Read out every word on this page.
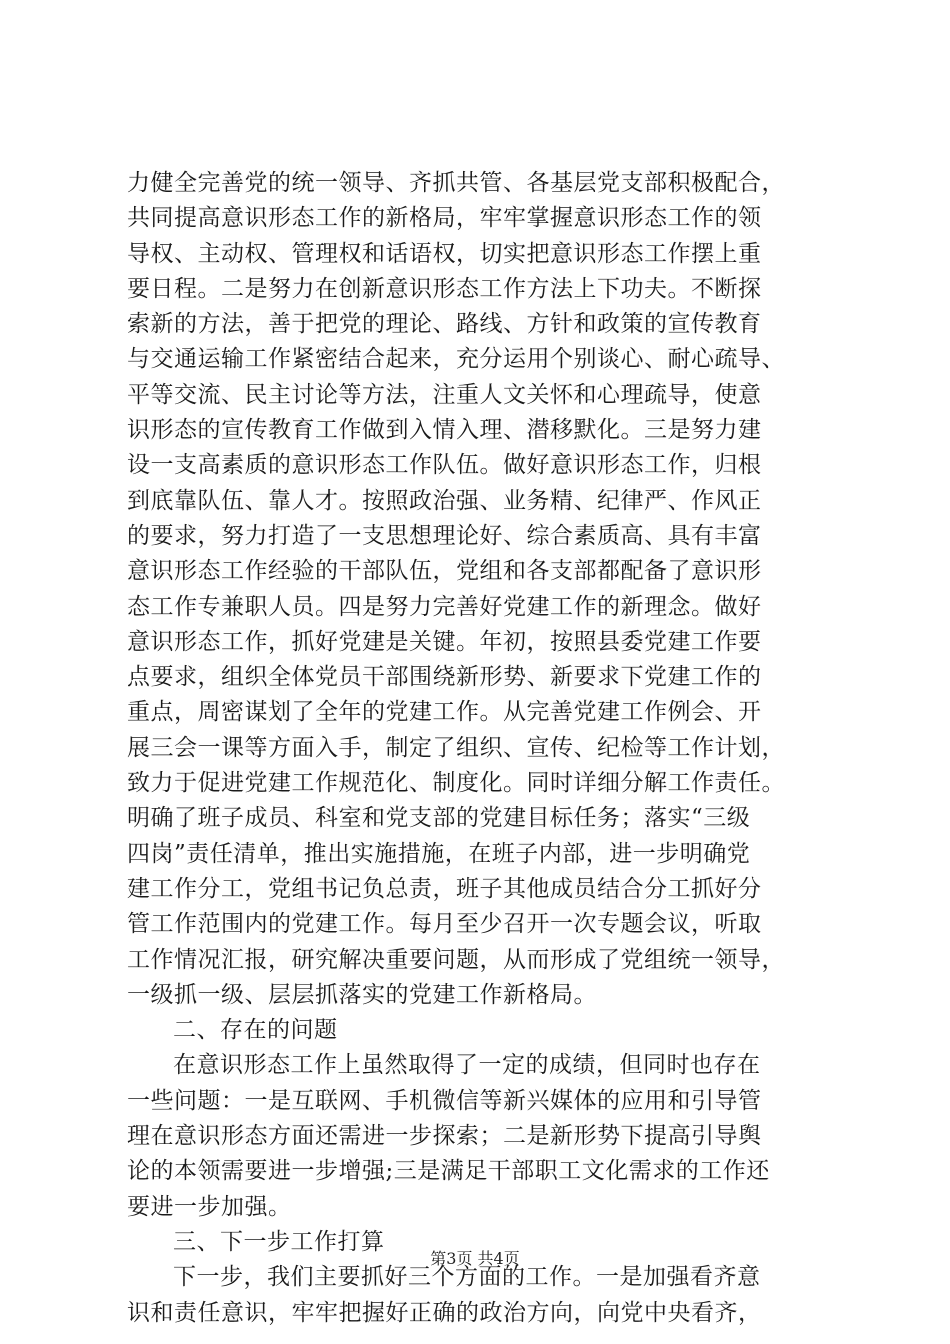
力健全完善党的统一领导、齐抓共管、各基层党支部积极配合，
共同提高意识形态工作的新格局，牢牢掌握意识形态工作的领
导权、主动权、管理权和话语权，切实把意识形态工作摆上重
要日程。二是努力在创新意识形态工作方法上下功夫。不断探
索新的方法，善于把党的理论、路线、方针和政策的宣传教育
与交通运输工作紧密结合起来，充分运用个别谈心、耐心疏导、
平等交流、民主讨论等方法，注重人文关怀和心理疏导，使意
识形态的宣传教育工作做到入情入理、潜移默化。三是努力建
设一支高素质的意识形态工作队伍。做好意识形态工作，归根
到底靠队伍、靠人才。按照政治强、业务精、纪律严、作风正
的要求，努力打造了一支思想理论好、综合素质高、具有丰富
意识形态工作经验的干部队伍，党组和各支部都配备了意识形
态工作专兼职人员。四是努力完善好党建工作的新理念。做好
意识形态工作，抓好党建是关键。年初，按照县委党建工作要
点要求，组织全体党员干部围绕新形势、新要求下党建工作的
重点，周密谋划了全年的党建工作。从完善党建工作例会、开
展三会一课等方面入手，制定了组织、宣传、纪检等工作计划，
致力于促进党建工作规范化、制度化。同时详细分解工作责任。
明确了班子成员、科室和党支部的党建目标任务；落实“三级
四岗”责任清单，推出实施措施，在班子内部，进一步明确党
建工作分工，党组书记负总责，班子其他成员结合分工抓好分
管工作范围内的党建工作。每月至少召开一次专题会议，听取
工作情况汇报，研究解决重要问题，从而形成了党组统一领导，
一级抓一级、层层抓落实的党建工作新格局。
二、存在的问题
在意识形态工作上虽然取得了一定的成绩，但同时也存在
一些问题：一是互联网、手机微信等新兴媒体的应用和引导管
理在意识形态方面还需进一步探索；二是新形势下提高引导舆
论的本领需要进一步增强;三是满足干部职工文化需求的工作还
要进一步加强。
三、下一步工作打算
下一步，我们主要抓好三个方面的工作。一是加强看齐意
识和责任意识，牢牢把握好正确的政治方向，向党中央看齐，
第3页 共4页
